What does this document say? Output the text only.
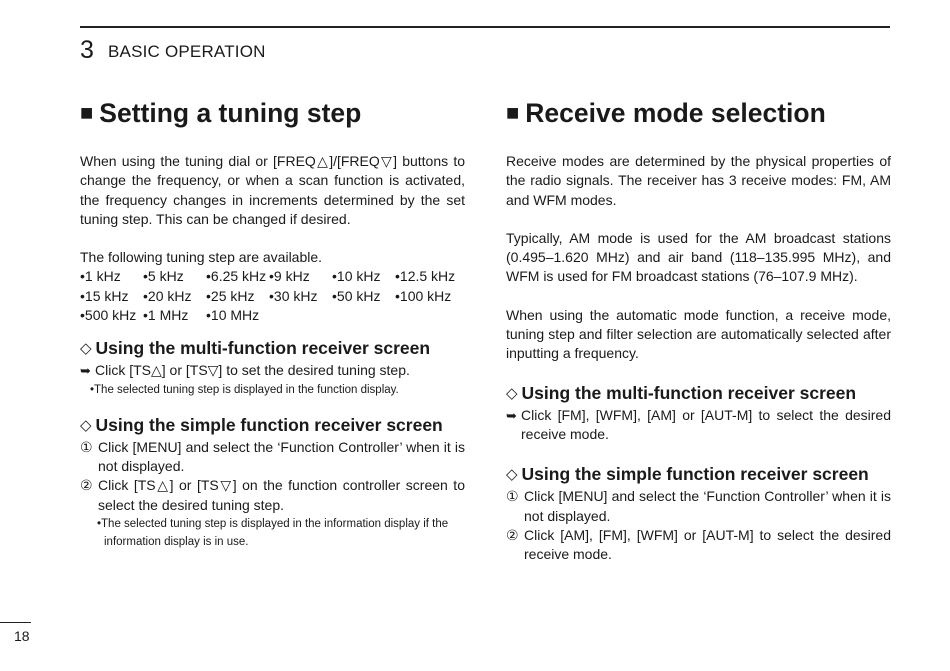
3 BASIC OPERATION
■ Setting a tuning step

When using the tuning dial or [FREQ△]/[FREQ▽] buttons to change the frequency, or when a scan function is activated, the frequency changes in increments determined by the set tuning step. This can be changed if desired.

The following tuning step are available.

•1 kHz	•5 kHz	•6.25 kHz •9 kHz	•10 kHz	•12.5 kHz
•15 kHz	•20 kHz	•25 kHz	•30 kHz	•50 kHz	•100 kHz
•500 kHz •1 MHz	•10 MHz
◇ Using the multi-function receiver screen
➥ Click [TS△] or [TS▽] to set the desired tuning step.
•The selected tuning step is displayed in the function display.
◇ Using the simple function receiver screen
① Click [MENU] and select the ‘Function Controller’ when it is not displayed.
② Click [TS△] or [TS▽] on the function controller screen to select the desired tuning step.
•The selected tuning step is displayed in the information display if the information display is in use.
■ Receive mode selection

Receive modes are determined by the physical properties of the radio signals. The receiver has 3 receive modes: FM, AM and WFM modes.

Typically, AM mode is used for the AM broadcast stations (0.495–1.620 MHz) and air band (118–135.995 MHz), and WFM is used for FM broadcast stations (76–107.9 MHz).

When using the automatic mode function, a receive mode, tuning step and filter selection are automatically selected after inputting a frequency.

◇ Using the multi-function receiver screen
➥ Click [FM], [WFM], [AM] or [AUT-M] to select the desired receive mode.
◇ Using the simple function receiver screen
① Click [MENU] and select the ‘Function Controller’ when it is not displayed.
② Click [AM], [FM], [WFM] or [AUT-M] to select the desired receive mode.
18
